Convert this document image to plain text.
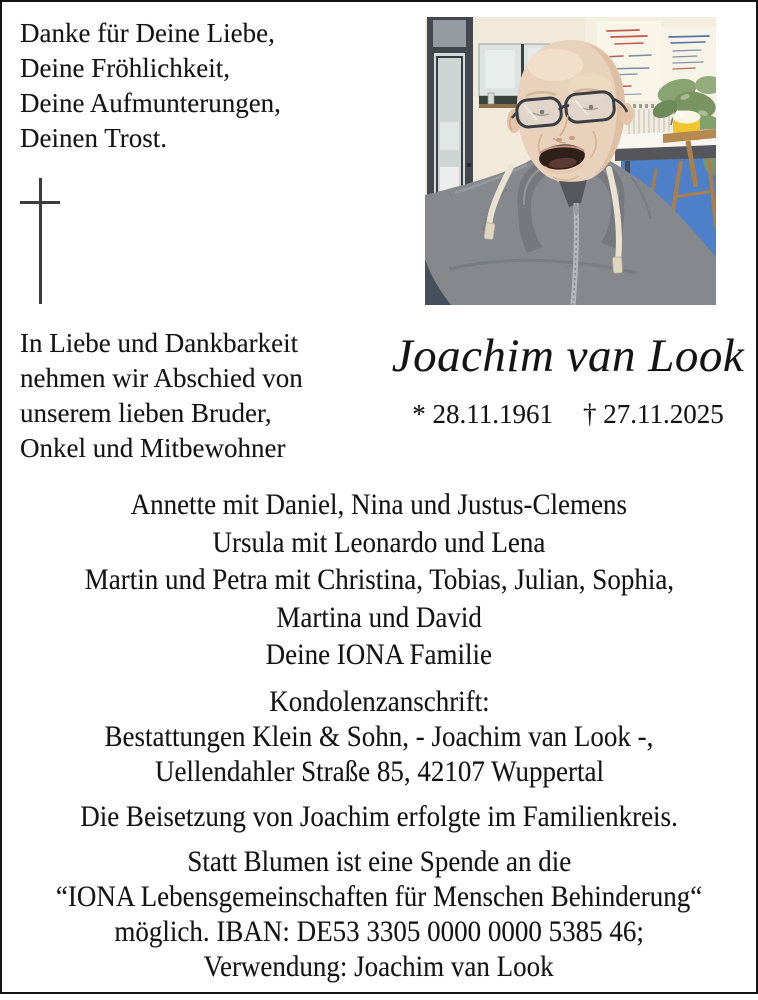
Danke für Deine Liebe,
Deine Fröhlichkeit,
Deine Aufmunterungen,
Deinen Trost.
In Liebe und Dankbarkeit
nehmen wir Abschied von
unserem lieben Bruder,
Onkel und Mitbewohner
Joachim van Look
* 28.11.1961 † 27.11.2025
Annette mit Daniel, Nina und Justus-Clemens
Ursula mit Leonardo und Lena
Martin und Petra mit Christina, Tobias, Julian, Sophia,
Martina und David
Deine IONA Familie
Kondolenzanschrift:
Bestattungen Klein & Sohn, - Joachim van Look -,
Uellendahler Straße 85, 42107 Wuppertal
Die Beisetzung von Joachim erfolgte im Familienkreis.
Statt Blumen ist eine Spende an die
“IONA Lebensgemeinschaften für Menschen Behinderung“
möglich. IBAN: DE53 3305 0000 0000 5385 46;
Verwendung: Joachim van Look
